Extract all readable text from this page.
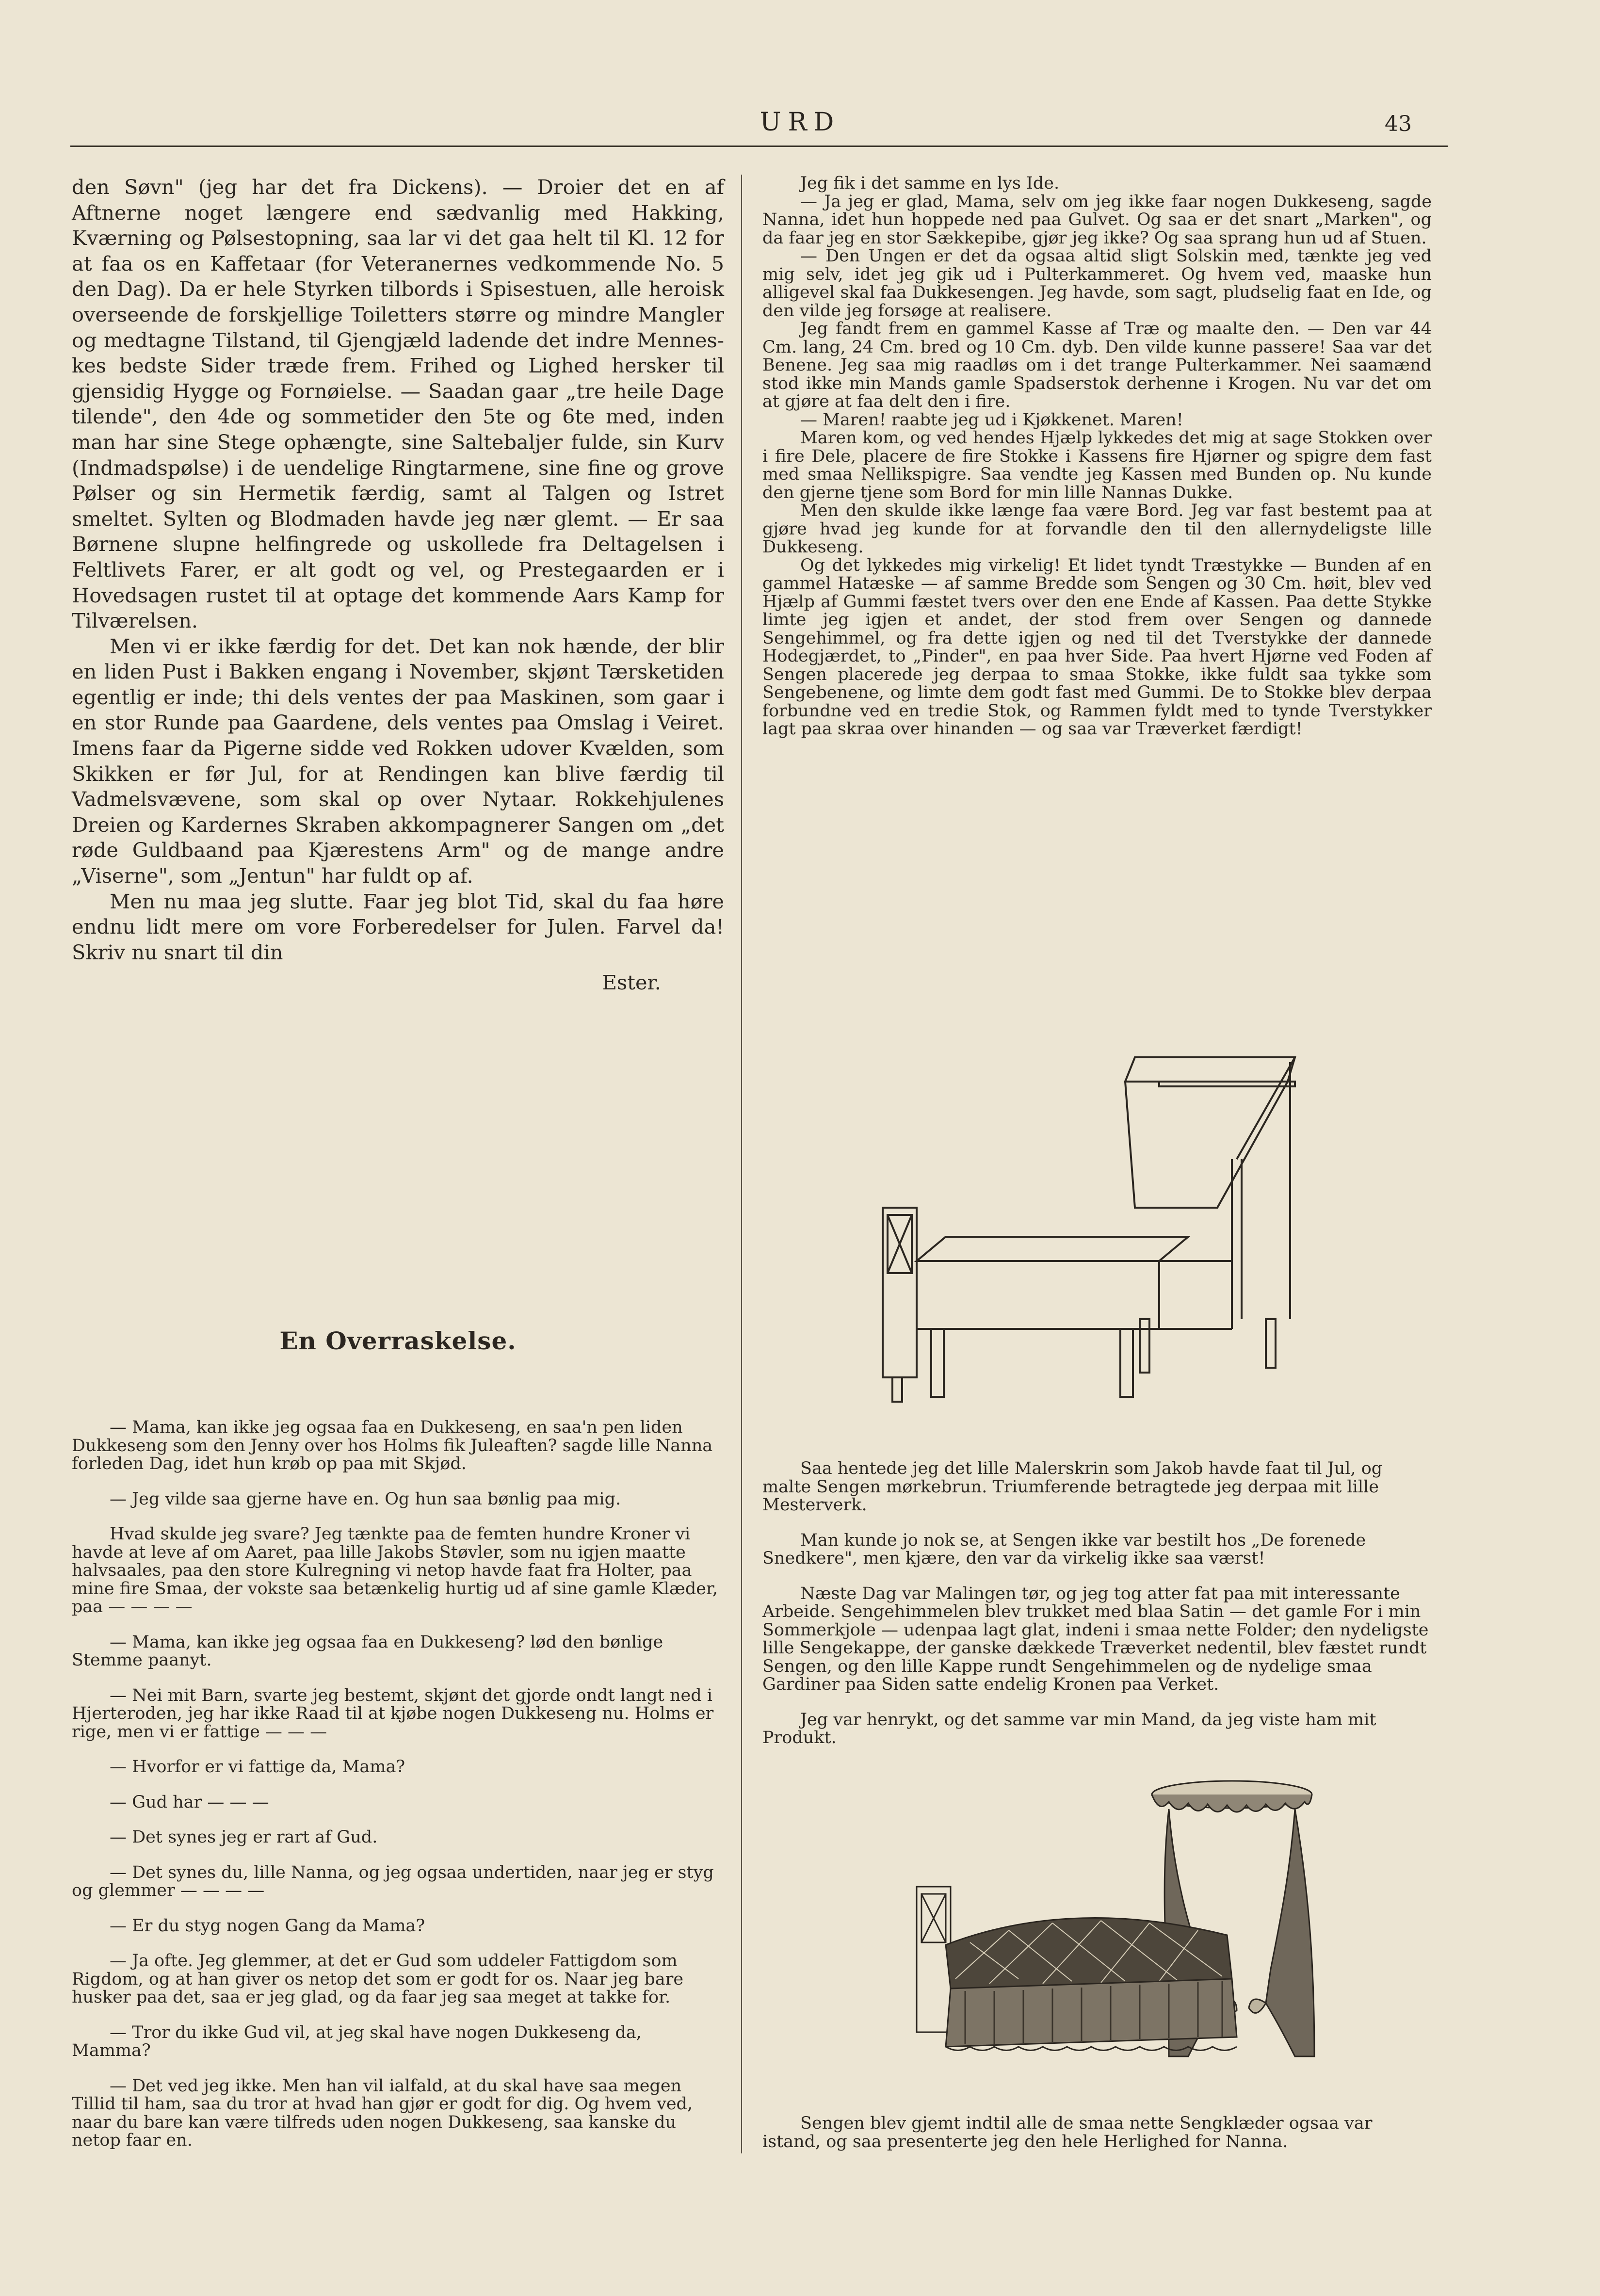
URD	43

den Søvn" (jeg har det fra Dickens). — Droier det en af Aftnerne noget længere end sædvanlig med Hakking, Kværning og Pølsestopning, saa lar vi det gaa helt til Kl. 12 for at faa os en Kaffetaar (for Veteranernes vedkommende No. 5 den Dag). Da er hele Styrken tilbords i Spisestuen, alle heroisk overseende de forskjellige Toiletters større og mindre Mangler og medtagne Tilstand, til Gjengjæld ladende det indre Menneskes bedste Sider træde frem. Frihed og Lighed hersker til gjensidig Hygge og Fornøielse. — Saadan gaar „tre heile Dage tilende", den 4de og sommetider den 5te og 6te med, inden man har sine Stege ophængte, sine Saltebaljer fulde, sin Kurv (Indmadspølse) i de uendelige Ringtarmene, sine fine og grove Pølser og sin Hermetik færdig, samt al Talgen og Istret smeltet. Sylten og Blodmaden havde jeg nær glemt. — Er saa Børnene slupne helfingrede og uskollede fra Deltagelsen i Feltlivets Farer, er alt godt og vel, og Prestegaarden er i Hovedsagen rustet til at optage det kommende Aars Kamp for Tilværelsen.

Men vi er ikke færdig for det. Det kan nok hænde, der blir en liden Pust i Bakken engang i November, skjønt Tærsketiden egentlig er inde; thi dels ventes der paa Maskinen, som gaar i en stor Runde paa Gaardene, dels ventes paa Omslag i Veiret. Imens faar da Pigerne sidde ved Rokken udover Kvælden, som Skikken er før Jul, for at Rendingen kan blive færdig til Vadmelsvævene, som skal op over Nytaar. Rokkehjulenes Dreien og Kardernes Skraben akkompagnerer Sangen om „det røde Guldbaand paa Kjærestens Arm" og de mange andre „Viserne", som „Jentun" har fuldt op af.

Men nu maa jeg slutte. Faar jeg blot Tid, skal du faa høre endnu lidt mere om vore Forberedelser for Julen. Farvel da! Skriv nu snart til din

Ester.

En Overraskelse.

— Mama, kan ikke jeg ogsaa faa en Dukkeseng, en saa'n pen liden Dukkeseng som den Jenny over hos Holms fik Juleaften? sagde lille Nanna forleden Dag, idet hun krøb op paa mit Skjød.

— Jeg vilde saa gjerne have en. Og hun saa bønlig paa mig.

Hvad skulde jeg svare? Jeg tænkte paa de femten hundre Kroner vi havde at leve af om Aaret, paa lille Jakobs Støvler, som nu igjen maatte halvsaales, paa den store Kulregning vi netop havde faat fra Holter, paa mine fire Smaa, der vokste saa betænkelig hurtig ud af sine gamle Klæder, paa — — — —

— Mama, kan ikke jeg ogsaa faa en Dukkeseng? lød den bønlige Stemme paanyt.

— Nei mit Barn, svarte jeg bestemt, skjønt det gjorde ondt langt ned i Hjerteroden, jeg har ikke Raad til at kjøbe nogen Dukkeseng nu. Holms er rige, men vi er fattige — — —

— Hvorfor er vi fattige da, Mama?

— Gud har — — —

— Det synes jeg er rart af Gud.

— Det synes du, lille Nanna, og jeg ogsaa undertiden, naar jeg er styg og glemmer — — — —

— Er du styg nogen Gang da Mama?

— Ja ofte. Jeg glemmer, at det er Gud som uddeler Fattigdom som Rigdom, og at han giver os netop det som er godt for os. Naar jeg bare husker paa det, saa er jeg glad, og da faar jeg saa meget at takke for.

— Tror du ikke Gud vil, at jeg skal have nogen Dukkeseng da, Mamma?

— Det ved jeg ikke. Men han vil ialfald, at du skal have saa megen Tillid til ham, saa du tror at hvad han gjør er godt for dig. Og hvem ved, naar du bare kan være tilfreds uden nogen Dukkeseng, saa kanske du netop faar en.

Jeg fik i det samme en lys Ide.

— Ja jeg er glad, Mama, selv om jeg ikke faar nogen Dukkeseng, sagde Nanna, idet hun hoppede ned paa Gulvet. Og saa er det snart „Marken", og da faar jeg en stor Sækkepibe, gjør jeg ikke? Og saa sprang hun ud af Stuen.

— Den Ungen er det da ogsaa altid sligt Solskin med, tænkte jeg ved mig selv, idet jeg gik ud i Pulterkammeret. Og hvem ved, maaske hun alligevel skal faa Dukkesengen. Jeg havde, som sagt, pludselig faat en Ide, og den vilde jeg forsøge at realisere.

Jeg fandt frem en gammel Kasse af Træ og maalte den. — Den var 44 Cm. lang, 24 Cm. bred og 10 Cm. dyb. Den vilde kunne passere! Saa var det Benene. Jeg saa mig raadløs om i det trange Pulterkammer. Nei saamænd stod ikke min Mands gamle Spadserstok derhenne i Krogen. Nu var det om at gjøre at faa delt den i fire.

— Maren! raabte jeg ud i Kjøkkenet. Maren!

Maren kom, og ved hendes Hjælp lykkedes det mig at sage Stokken over i fire Dele, placere de fire Stokke i Kassens fire Hjørner og spigre dem fast med smaa Nellikspigre. Saa vendte jeg Kassen med Bunden op. Nu kunde den gjerne tjene som Bord for min lille Nannas Dukke.

Men den skulde ikke længe faa være Bord. Jeg var fast bestemt paa at gjøre hvad jeg kunde for at forvandle den til den allernydeligste lille Dukkeseng.

Og det lykkedes mig virkelig! Et lidet tyndt Træstykke — Bunden af en gammel Hatæske — af samme Bredde som Sengen og 30 Cm. høit, blev ved Hjælp af Gummi fæstet tvers over den ene Ende af Kassen. Paa dette Stykke limte jeg igjen et andet, der stod frem over Sengen og dannede Sengehimmel, og fra dette igjen og ned til det Tverstykke der dannede Hodegjærdet, to „Pinder", en paa hver Side. Paa hvert Hjørne ved Foden af Sengen placerede jeg derpaa to smaa Stokke, ikke fuldt saa tykke som Sengebenene, og limte dem godt fast med Gummi. De to Stokke blev derpaa forbundne ved en tredie Stok, og Rammen fyldt med to tynde Tverstykker lagt paa skraa over hinanden — og saa var Træverket færdigt!

Saa hentede jeg det lille Malerskrin som Jakob havde faat til Jul, og malte Sengen mørkebrun. Triumferende betragtede jeg derpaa mit lille Mesterverk.

Man kunde jo nok se, at Sengen ikke var bestilt hos „De forenede Snedkere", men kjære, den var da virkelig ikke saa værst!

Næste Dag var Malingen tør, og jeg tog atter fat paa mit interessante Arbeide. Sengehimmelen blev trukket med blaa Satin — det gamle For i min Sommerkjole — udenpaa lagt glat, indeni i smaa nette Folder; den nydeligste lille Sengekappe, der ganske dækkede Træverket nedentil, blev fæstet rundt Sengen, og den lille Kappe rundt Sengehimmelen og de nydelige smaa Gardiner paa Siden satte endelig Kronen paa Verket.

Jeg var henrykt, og det samme var min Mand, da jeg viste ham mit Produkt.

Sengen blev gjemt indtil alle de smaa nette Sengklæder ogsaa var istand, og saa presenterte jeg den hele Herlighed for Nanna.
